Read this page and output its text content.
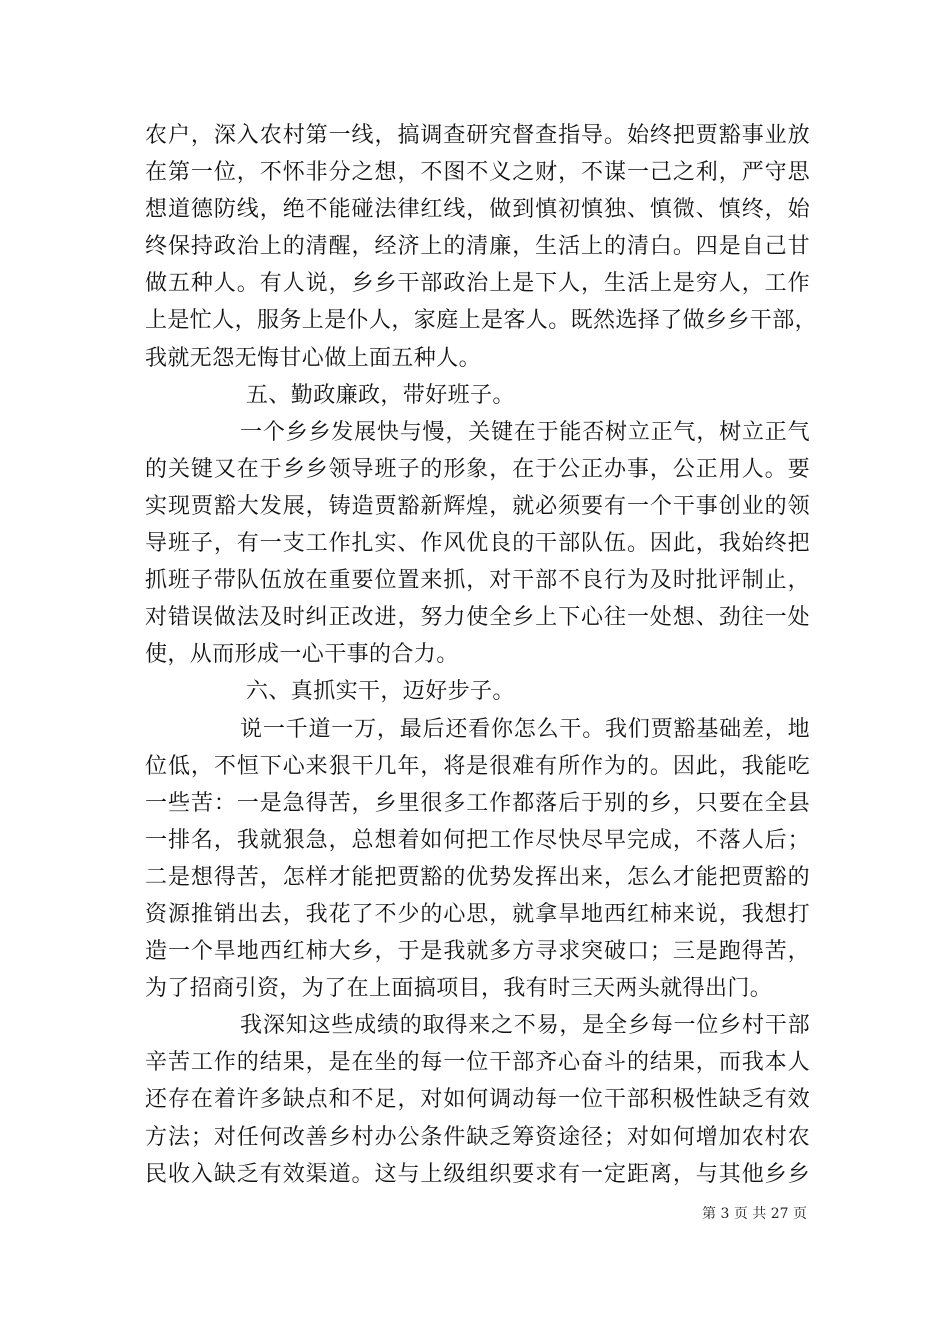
农户，深入农村第一线，搞调查研究督查指导。始终把贾豁事业放
在第一位，不怀非分之想，不图不义之财，不谋一己之利，严守思
想道德防线，绝不能碰法律红线，做到慎初慎独、慎微、慎终，始
终保持政治上的清醒，经济上的清廉，生活上的清白。四是自己甘
做五种人。有人说，乡乡干部政治上是下人，生活上是穷人，工作
上是忙人，服务上是仆人，家庭上是客人。既然选择了做乡乡干部，
我就无怨无悔甘心做上面五种人。
五、勤政廉政，带好班子。
一个乡乡发展快与慢，关键在于能否树立正气，树立正气
的关键又在于乡乡领导班子的形象，在于公正办事，公正用人。要
实现贾豁大发展，铸造贾豁新辉煌，就必须要有一个干事创业的领
导班子，有一支工作扎实、作风优良的干部队伍。因此，我始终把
抓班子带队伍放在重要位置来抓，对干部不良行为及时批评制止，
对错误做法及时纠正改进，努力使全乡上下心往一处想、劲往一处
使，从而形成一心干事的合力。
六、真抓实干，迈好步子。
说一千道一万，最后还看你怎么干。我们贾豁基础差，地
位低，不恒下心来狠干几年，将是很难有所作为的。因此，我能吃
一些苦：一是急得苦，乡里很多工作都落后于别的乡，只要在全县
一排名，我就狠急，总想着如何把工作尽快尽早完成，不落人后；
二是想得苦，怎样才能把贾豁的优势发挥出来，怎么才能把贾豁的
资源推销出去，我花了不少的心思，就拿旱地西红柿来说，我想打
造一个旱地西红柿大乡，于是我就多方寻求突破口；三是跑得苦，
为了招商引资，为了在上面搞项目，我有时三天两头就得出门。
我深知这些成绩的取得来之不易，是全乡每一位乡村干部
辛苦工作的结果，是在坐的每一位干部齐心奋斗的结果，而我本人
还存在着许多缺点和不足，对如何调动每一位干部积极性缺乏有效
方法；对任何改善乡村办公条件缺乏筹资途径；对如何增加农村农
民收入缺乏有效渠道。这与上级组织要求有一定距离，与其他乡乡
第 3 页 共 27 页
